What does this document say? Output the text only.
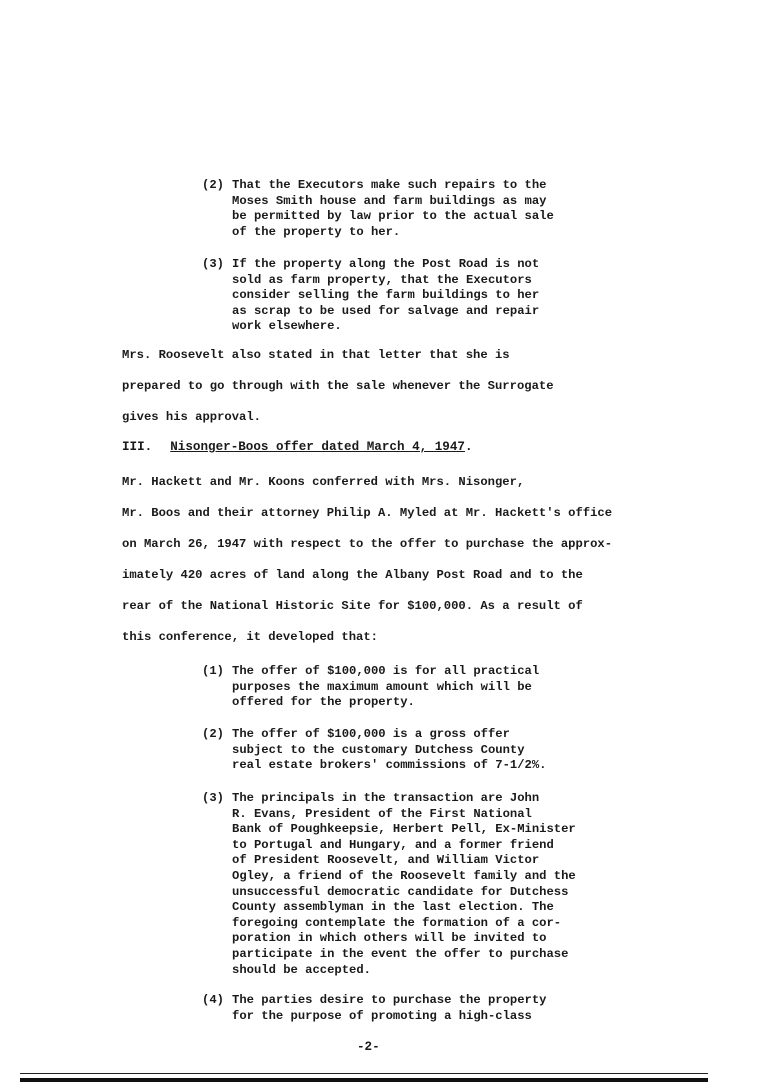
(2) That the Executors make such repairs to the
Moses Smith house and farm buildings as may
be permitted by law prior to the actual sale
of the property to her.
(3) If the property along the Post Road is not
sold as farm property, that the Executors
consider selling the farm buildings to her
as scrap to be used for salvage and repair
work elsewhere.
Mrs. Roosevelt also stated in that letter that she is
prepared to go through with the sale whenever the Surrogate
gives his approval.
III. Nisonger-Boos offer dated March 4, 1947.
Mr. Hackett and Mr. Koons conferred with Mrs. Nisonger,
Mr. Boos and their attorney Philip A. Myled at Mr. Hackett's office
on March 26, 1947 with respect to the offer to purchase the approx-
imately 420 acres of land along the Albany Post Road and to the
rear of the National Historic Site for $100,000. As a result of
this conference, it developed that:
(1) The offer of $100,000 is for all practical
purposes the maximum amount which will be
offered for the property.
(2) The offer of $100,000 is a gross offer
subject to the customary Dutchess County
real estate brokers' commissions of 7-1/2%.
(3) The principals in the transaction are John
R. Evans, President of the First National
Bank of Poughkeepsie, Herbert Pell, Ex-Minister
to Portugal and Hungary, and a former friend
of President Roosevelt, and William Victor
Ogley, a friend of the Roosevelt family and the
unsuccessful democratic candidate for Dutchess
County assemblyman in the last election. The
foregoing contemplate the formation of a cor-
poration in which others will be invited to
participate in the event the offer to purchase
should be accepted.
(4) The parties desire to purchase the property
for the purpose of promoting a high-class
-2-
